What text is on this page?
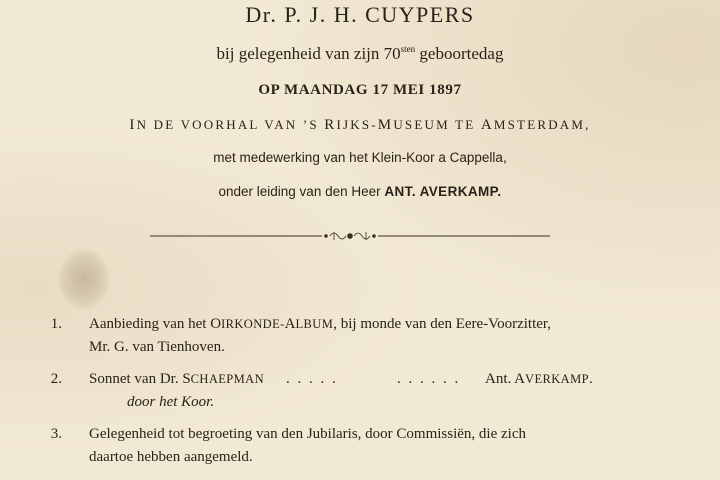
Dr. P. J. H. CUYPERS
bij gelegenheid van zijn $70^{sten}$ geboortedag
OP MAANDAG 17 MEI 1897
IN DE VOORHAL VAN ’S RIJKS-MUSEUM TE AMSTERDAM,
met medewerking van het Klein-Koor a Cappella,
onder leiding van den Heer ANT. AVERKAMP.
1. Aanbieding van het OIRKONDE-ALBUM, bij monde van den Eere-Voorzitter,
Mr. G. van Tienhoven.
2. Sonnet van Dr. SCHAEPMAN . . . . .	. . . . . . Ant. AVERKAMP.
door het Koor.
3. Gelegenheid tot begroeting van den Jubilaris, door Commissiën, die zich
daartoe hebben aangemeld.
